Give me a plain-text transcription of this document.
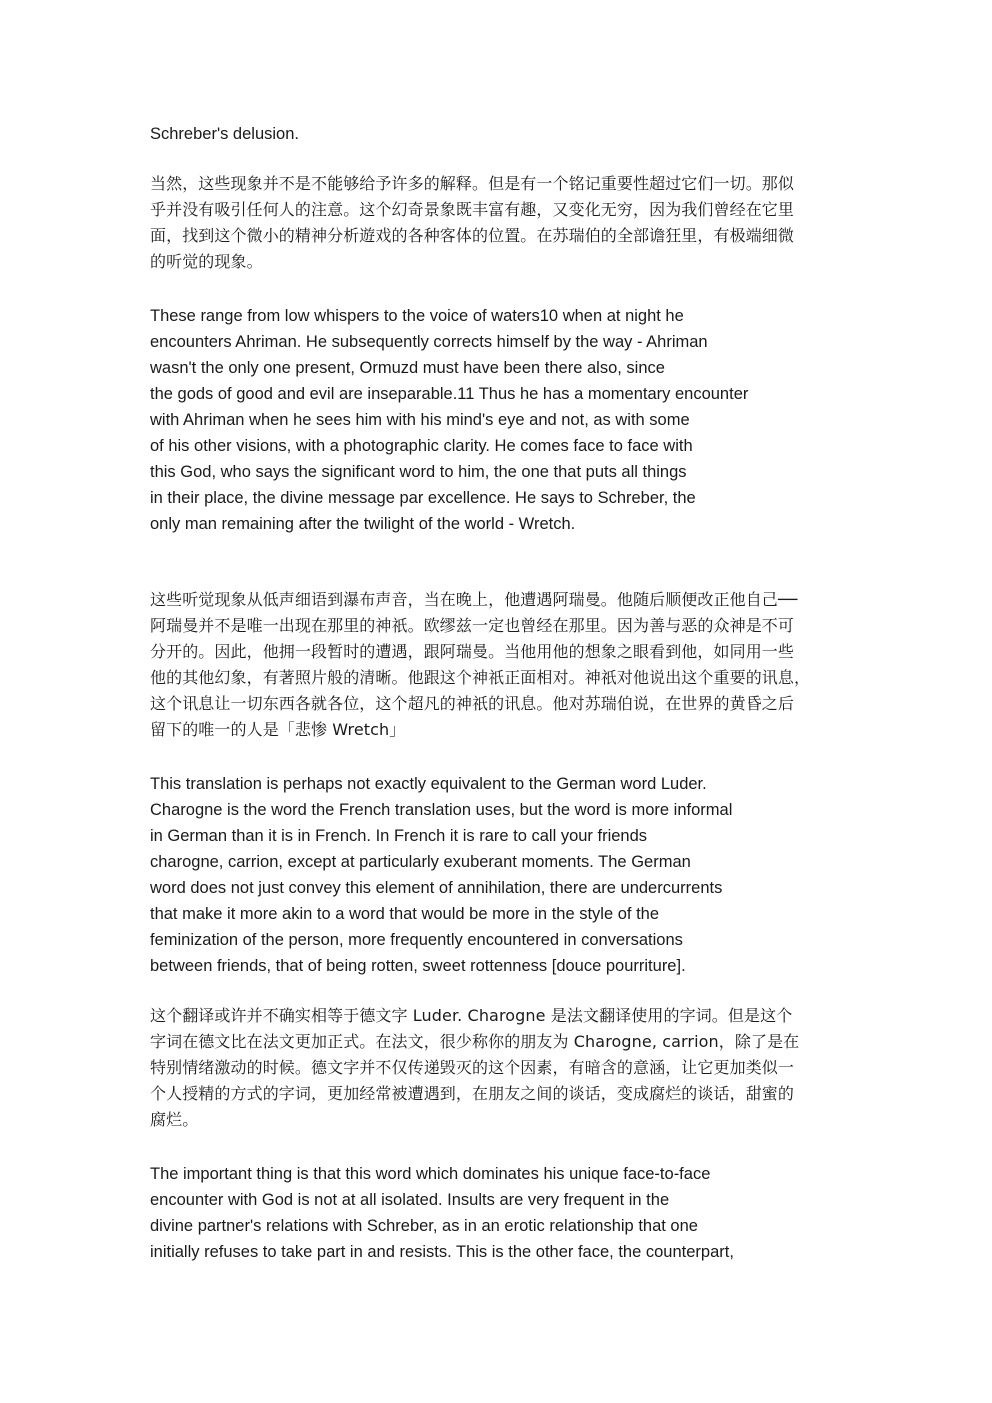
Schreber's delusion.
当然，这些现象并不是不能够给予许多的解释。但是有一个铭记重要性超过它们一切。那似
乎并没有吸引任何人的注意。这个幻奇景象既丰富有趣，又变化无穷，因为我们曾经在它里
面，找到这个微小的精神分析遊戏的各种客体的位置。在苏瑞伯的全部谵狂里，有极端细微
的听觉的现象。
These range from low whispers to the voice of waters10 when at night he
encounters Ahriman. He subsequently corrects himself by the way - Ahriman
wasn't the only one present, Ormuzd must have been there also, since
the gods of good and evil are inseparable.11 Thus he has a momentary encounter
with Ahriman when he sees him with his mind's eye and not, as with some
of his other visions, with a photographic clarity. He comes face to face with
this God, who says the significant word to him, the one that puts all things
in their place, the divine message par excellence. He says to Schreber, the
only man remaining after the twilight of the world - Wretch.
这些听觉现象从低声细语到瀑布声音，当在晚上，他遭遇阿瑞曼。他随后顺便改正他自己──
阿瑞曼并不是唯一出现在那里的神祇。欧缪兹一定也曾经在那里。因为善与恶的众神是不可
分开的。因此，他拥一段暂时的遭遇，跟阿瑞曼。当他用他的想象之眼看到他，如同用一些
他的其他幻象，有著照片般的清晰。他跟这个神祇正面相对。神祇对他说出这个重要的讯息，
这个讯息让一切东西各就各位，这个超凡的神祇的讯息。他对苏瑞伯说，在世界的黄昏之后
留下的唯一的人是「悲惨 Wretch」
This translation is perhaps not exactly equivalent to the German word Luder.
Charogne is the word the French translation uses, but the word is more informal
in German than it is in French. In French it is rare to call your friends
charogne, carrion, except at particularly exuberant moments. The German
word does not just convey this element of annihilation, there are undercurrents
that make it more akin to a word that would be more in the style of the
feminization of the person, more frequently encountered in conversations
between friends, that of being rotten, sweet rottenness [douce pourriture].
这个翻译或许并不确实相等于德文字 Luder. Charogne 是法文翻译使用的字词。但是这个
字词在德文比在法文更加正式。在法文，很少称你的朋友为 Charogne, carrion，除了是在
特别情绪激动的时候。德文字并不仅传递毁灭的这个因素，有暗含的意涵，让它更加类似一
个人授精的方式的字词，更加经常被遭遇到，在朋友之间的谈话，变成腐烂的谈话，甜蜜的
腐烂。
The important thing is that this word which dominates his unique face-to-face
encounter with God is not at all isolated. Insults are very frequent in the
divine partner's relations with Schreber, as in an erotic relationship that one
initially refuses to take part in and resists. This is the other face, the counterpart,
